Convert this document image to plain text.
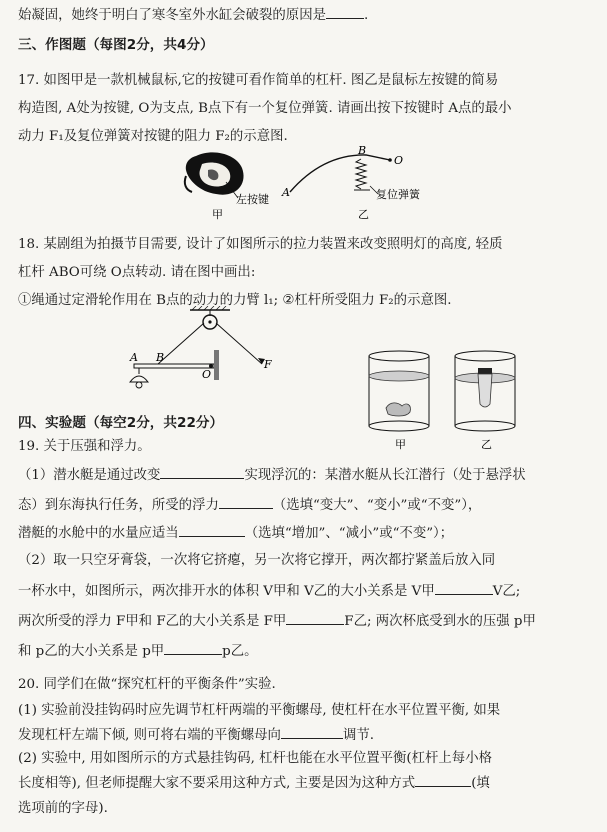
始凝固，她终于明白了寒冬室外水缸会破裂的原因是	.
三、作图题（每图2分，共4分）
17. 如图甲是一款机械鼠标,它的按键可看作简单的杠杆. 图乙是鼠标左按键的简易
构造图, A处为按键, O为支点, B点下有一个复位弹簧. 请画出按下按键时 A点的最小
动力 F₁及复位弹簧对按键的阻力 F₂的示意图.
左按键
甲
A
B
O
复位弹簧
乙
18. 某剧组为拍摄节目需要, 设计了如图所示的拉力装置来改变照明灯的高度, 轻质
杠杆 ABO可绕 O点转动. 请在图中画出:
①绳通过定滑轮作用在 B点的动力的力臂 l₁; ②杠杆所受阻力 F₂的示意图.
A B
O
F
甲	乙
四、实验题（每空2分，共22分）
19. 关于压强和浮力。
（1）潜水艇是通过改变	实现浮沉的：某潜水艇从长江潜行（处于悬浮状
态）到东海执行任务，所受的浮力	（选填“变大”、“变小”或“不变”），
潜艇的水舱中的水量应适当	（选填“增加”、“减小”或“不变”）；
（2）取一只空牙膏袋，一次将它挤瘪，另一次将它撑开，两次都拧紧盖后放入同
一杯水中，如图所示，两次排开水的体积 V甲和 V乙的大小关系是 V甲	V乙;
两次所受的浮力 F甲和 F乙的大小关系是 F甲	F乙; 两次杯底受到水的压强 p甲
和 p乙的大小关系是 p甲	p乙。
20. 同学们在做“探究杠杆的平衡条件”实验.
(1) 实验前没挂钩码时应先调节杠杆两端的平衡螺母, 使杠杆在水平位置平衡, 如果
发现杠杆左端下倾, 则可将右端的平衡螺母向	调节.
(2) 实验中, 用如图所示的方式悬挂钩码, 杠杆也能在水平位置平衡(杠杆上每小格
长度相等), 但老师提醒大家不要采用这种方式, 主要是因为这种方式	(填
选项前的字母).
